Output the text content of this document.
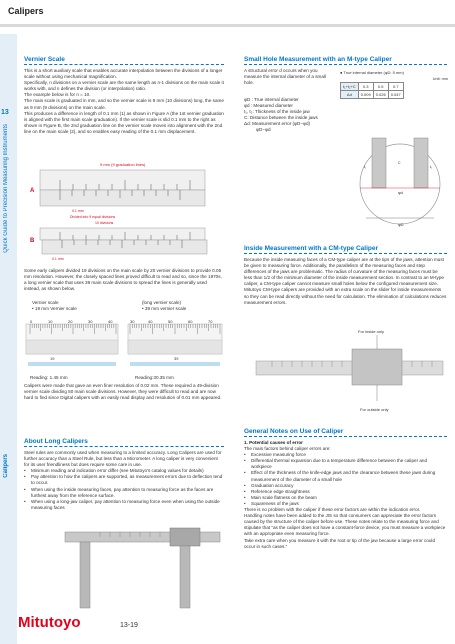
Calipers
13
Quick Guide to Precision Measuring Instruments
Calipers
Vernier Scale
This is a short auxiliary scale that enables accurate interpolation between the divisions of a longer scale without using mechanical magnification.
Specifically, n divisions on a vernier scale are the same length as n-1 divisions on the main scale it works with, and n defines the division (or interpolation) ratio.
The example below is for n = 10.
The main scale is graduated in mm, and so the vernier scale is 9 mm (10 divisions) long, the same as 9 mm (9 divisions) on the main scale.
This produces a difference in length of 0.1 mm (1) as shown in Figure A (the 1st vernier graduation is aligned with the first main scale graduation). If the vernier scale is slid 0.1 mm to the right as shown in Figure B, the 2nd graduation line on the vernier scale moves into alignment with the 2nd line on the main scale (2), and so enables easy reading of the 0.1 mm displacement.
9 mm (9 graduation lines)
A
0.1 mm
Divided into 9 equal divisions
10 divisions
B
0.1 mm
Some early calipers divided 19 divisions on the main scale by 20 vernier divisions to provide 0.05 mm resolution. However, the closely spaced lines proved difficult to read and so, since the 1970s, a long vernier scale that uses 39 main scale divisions to spread the lines is generally used instead, as shown below.
Vernier scale
• 19 mm Vernier scale
(long vernier scale)
• 39 mm vernier scale
0	10	20	30	40	30	40	50	60	70
19	39
Reading: 1.45 mm	Reading:30.35 mm
Calipers were made that gave an even finer resolution of 0.02 mm. These required a 49-division vernier scale dividing 50 main scale divisions. However, they were difficult to read and are now hard to find since Digital calipers with an easily read display and resolution of 0.01 mm appeared.
About Long Calipers
Steel rules are commonly used when measuring to a limited accuracy. Long Calipers are used for further accuracy than a Steel Rule, but less than a Micrometer. A long caliper is very convenient for its user friendliness but does require some care in use.
•	Minimum reading and indication error differ (see Mitutoyo's catalog values for details)
•	Pay attention to how the calipers are supported, as measurement errors due to deflection tend to occur.
•	When using the inside measuring faces, pay attention to measuring force as the faces are furthest away from the reference surface.
•	When using a long-jaw caliper, pay attention to measuring force even when using the outside measuring faces
Small Hole Measurement with an M-type Caliper
A structural error d occurs when you measure the internal diameter of a small hole.
● True internal diameter (φD: 5 mm)
Unit: mm
t₁+t₂+C	0.3	0.5	0.7
Δd	0.009	0.026	0.047
φD : True internal diameter
φd : Measured diameter
t₁, t₂: Thickness of the inside jaw
C: Distance between the inside jaws
Δd: Measurement error (φD−φd)
φD−φd
φd
φD
t₁	t₂
C
Inside Measurement with a CM-type Caliper
Because the inside measuring faces of a CM-type caliper are at the tips of the jaws, attention must be given to measuring force. Additionally, the parallelism of the measuring faces and step differences of the jaws are problematic. The radius of curvature of the measuring faces must be less than 1/2 of the minimum diameter of the inside measurement section. In contrast to an M-type caliper, a CM-type caliper cannot measure small holes below the configured measurement size. Mitutoyo CM-type calipers are provided with an extra scale on the slider for inside measurements so they can be read directly without the need for calculation. The elimination of calculations reduces measurement errors.
For inside only
For outside only
General Notes on Use of Caliper
1. Potential causes of error
The main factors behind caliper errors are:
•	Excessive measuring force
•	Differential thermal expansion due to a temperature difference between the caliper and workpiece
•	Effect of the thickness of the knife-edge jaws and the clearance between these jaws during measurement of the diameter of a small hole
•	Graduation accuracy
•	Reference edge straightness
•	Main scale flatness on the beam
•	Squareness of the jaws
There is no problem with the caliper if these error factors are within the indication error.
Handling notes have been added to the JIS so that consumers can appreciate the error factors caused by the structure of the caliper before use. These notes relate to the measuring force and stipulate that "as the caliper does not have a constant-force device, you must measure a workpiece with an appropriate even measuring force.
Take extra care when you measure it with the root or tip of the jaw because a large error could occur in such cases."
Mitutoyo	13-19
